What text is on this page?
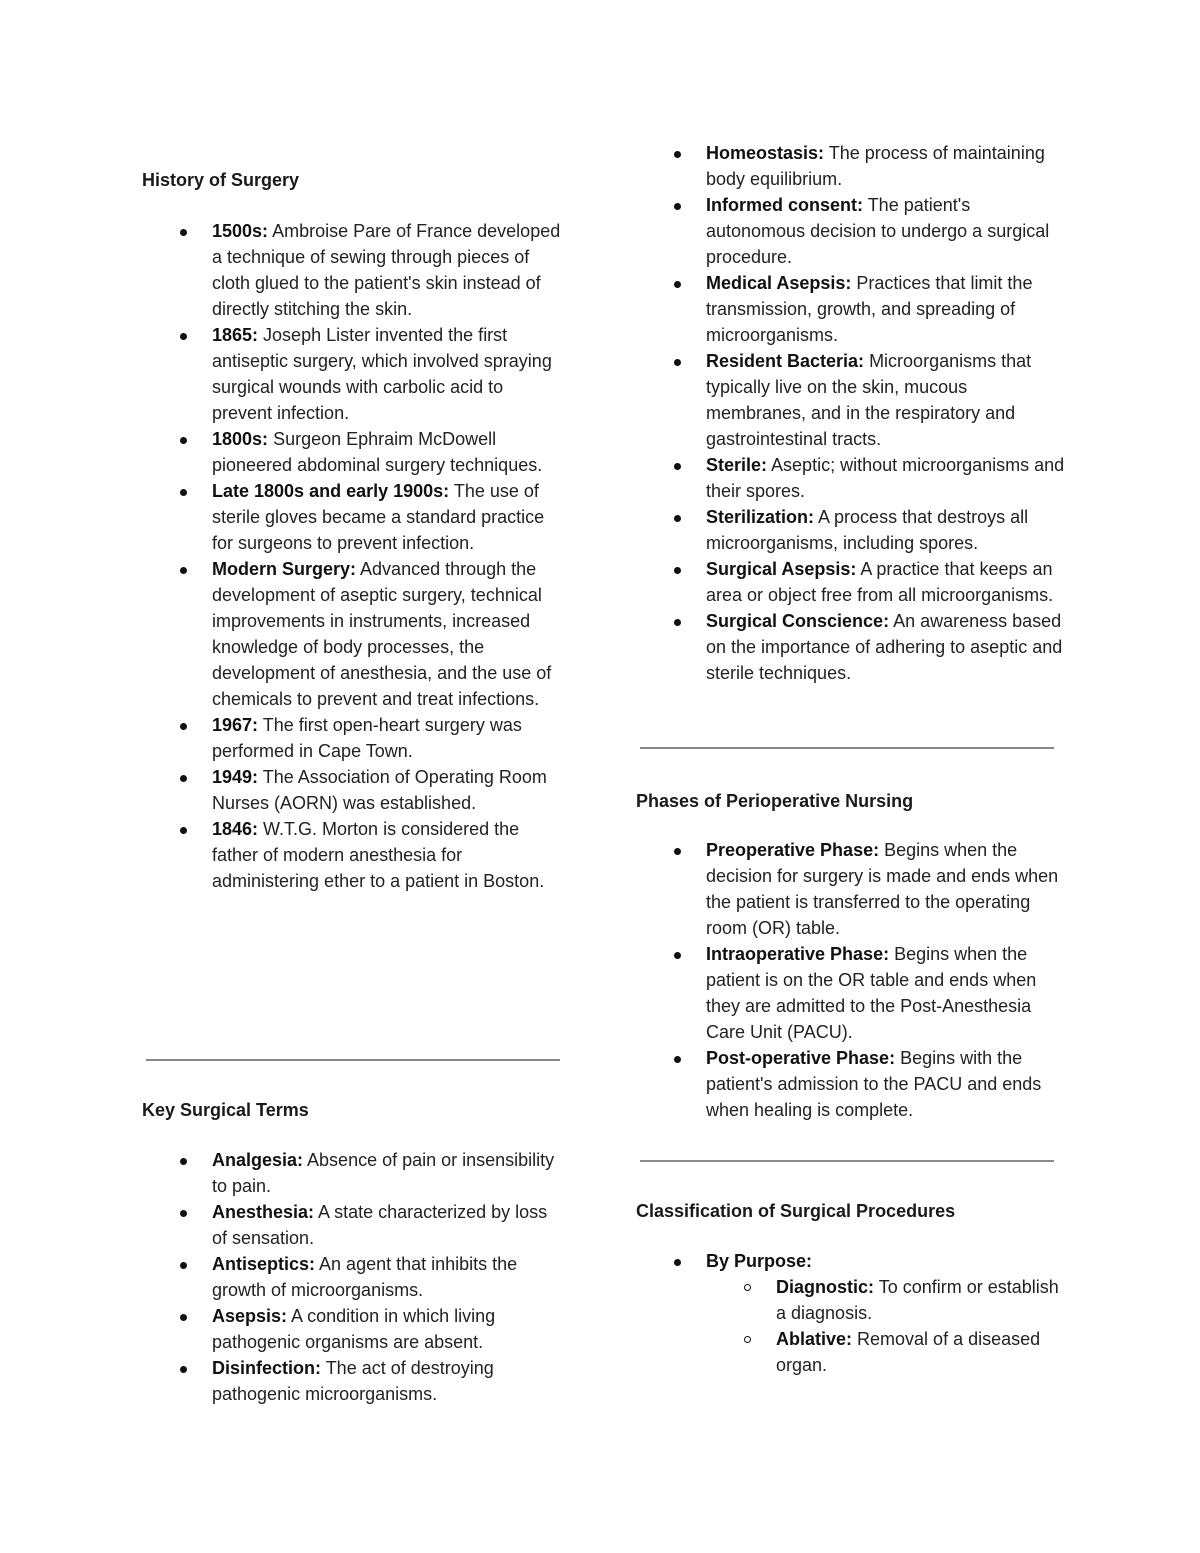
History of Surgery
1500s: Ambroise Pare of France developed a technique of sewing through pieces of cloth glued to the patient's skin instead of directly stitching the skin.
1865: Joseph Lister invented the first antiseptic surgery, which involved spraying surgical wounds with carbolic acid to prevent infection.
1800s: Surgeon Ephraim McDowell pioneered abdominal surgery techniques.
Late 1800s and early 1900s: The use of sterile gloves became a standard practice for surgeons to prevent infection.
Modern Surgery: Advanced through the development of aseptic surgery, technical improvements in instruments, increased knowledge of body processes, the development of anesthesia, and the use of chemicals to prevent and treat infections.
1967: The first open-heart surgery was performed in Cape Town.
1949: The Association of Operating Room Nurses (AORN) was established.
1846: W.T.G. Morton is considered the father of modern anesthesia for administering ether to a patient in Boston.
Key Surgical Terms
Analgesia: Absence of pain or insensibility to pain.
Anesthesia: A state characterized by loss of sensation.
Antiseptics: An agent that inhibits the growth of microorganisms.
Asepsis: A condition in which living pathogenic organisms are absent.
Disinfection: The act of destroying pathogenic microorganisms.
Homeostasis: The process of maintaining body equilibrium.
Informed consent: The patient's autonomous decision to undergo a surgical procedure.
Medical Asepsis: Practices that limit the transmission, growth, and spreading of microorganisms.
Resident Bacteria: Microorganisms that typically live on the skin, mucous membranes, and in the respiratory and gastrointestinal tracts.
Sterile: Aseptic; without microorganisms and their spores.
Sterilization: A process that destroys all microorganisms, including spores.
Surgical Asepsis: A practice that keeps an area or object free from all microorganisms.
Surgical Conscience: An awareness based on the importance of adhering to aseptic and sterile techniques.
Phases of Perioperative Nursing
Preoperative Phase: Begins when the decision for surgery is made and ends when the patient is transferred to the operating room (OR) table.
Intraoperative Phase: Begins when the patient is on the OR table and ends when they are admitted to the Post-Anesthesia Care Unit (PACU).
Post-operative Phase: Begins with the patient's admission to the PACU and ends when healing is complete.
Classification of Surgical Procedures
By Purpose:
Diagnostic: To confirm or establish a diagnosis.
Ablative: Removal of a diseased organ.
